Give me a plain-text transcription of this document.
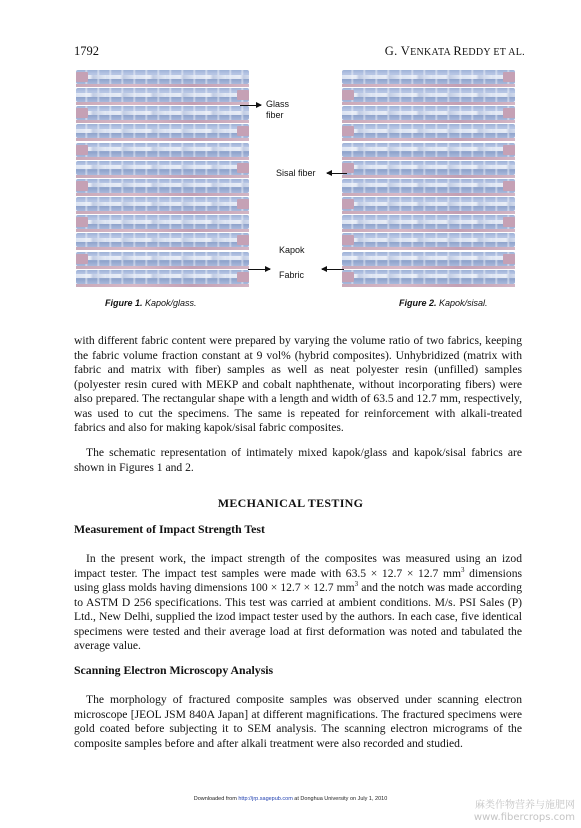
1792	G. VENKATA REDDY ET AL.
Glass
fiber
Sisal fiber
Kapok
Fabric
Figure 1. Kapok/glass.	Figure 2. Kapok/sisal.
with different fabric content were prepared by varying the volume ratio of two fabrics, keeping the fabric volume fraction constant at 9 vol% (hybrid composites). Unhybridized (matrix with fabric and matrix with fiber) samples as well as neat polyester resin (unfilled) samples (polyester resin cured with MEKP and cobalt naphthenate, without incorporating fibers) were also prepared. The rectangular shape with a length and width of 63.5 and 12.7 mm, respectively, was used to cut the specimens. The same is repeated for reinforcement with alkali-treated fabrics and also for making kapok/sisal fabric composites.
The schematic representation of intimately mixed kapok/glass and kapok/sisal fabrics are shown in Figures 1 and 2.
MECHANICAL TESTING
Measurement of Impact Strength Test
In the present work, the impact strength of the composites was measured using an izod impact tester. The impact test samples were made with 63.5 × 12.7 × 12.7 $mm^3$ dimensions using glass molds having dimensions 100 × 12.7 × 12.7 $mm^3$ and the notch was made according to ASTM D 256 specifications. This test was carried at ambient conditions. M/s. PSI Sales (P) Ltd., New Delhi, supplied the izod impact tester used by the authors. In each case, five identical specimens were tested and their average load at first deformation was noted and tabulated the average value.
Scanning Electron Microscopy Analysis
The morphology of fractured composite samples was observed under scanning electron microscope [JEOL JSM 840A Japan] at different magnifications. The fractured specimens were gold coated before subjecting it to SEM analysis. The scanning electron micrograms of the composite samples before and after alkali treatment were also recorded and studied.
Downloaded from http://jrp.sagepub.com at Donghua University on July 1, 2010
麻类作物营养与施肥网
www.fibercrops.com
